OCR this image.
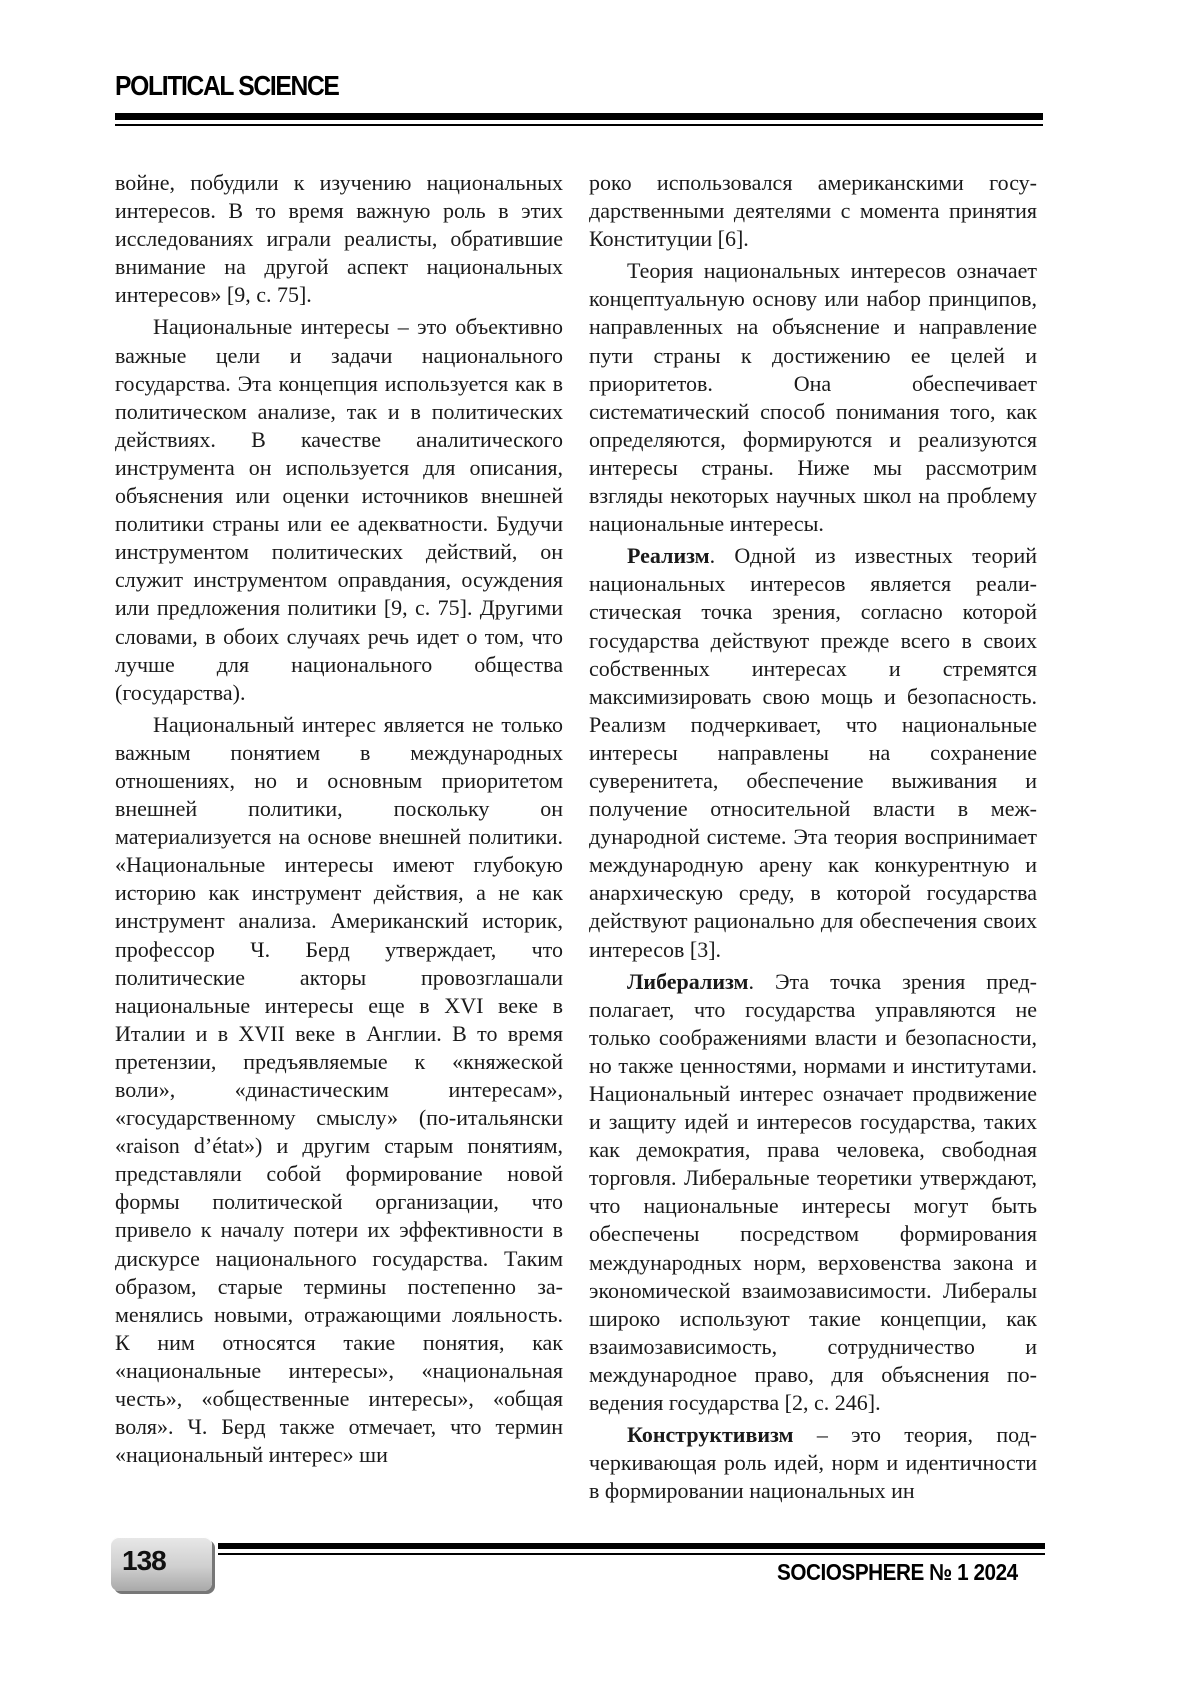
POLITICAL SCIENCE

войне, побудили к изучению национальных интересов. В то время важную роль в этих исследованиях играли реалисты, обратившие внимание на другой аспект национальных интересов» [9, с. 75].

Национальные интересы – это объективно важные цели и задачи национального государства. Эта концепция используется как в политическом анализе, так и в политических действиях. В качестве аналитического инструмента он используется для описания, объяснения или оценки источников внешней политики страны или ее адекватности. Будучи инструментом политических действий, он служит инструментом оправдания, осуждения или предложения политики [9, с. 75]. Другими словами, в обоих случаях речь идет о том, что лучше для национального общества (государства).

Национальный интерес является не только важным понятием в международных отношениях, но и основным приоритетом внешней политики, поскольку он материализуется на основе внешней политики. «Национальные интересы имеют глубокую историю как инструмент действия, а не как инструмент анализа. Американский историк, профессор Ч. Берд утверждает, что политические акторы провозглашали национальные интересы еще в XVI веке в Италии и в XVII веке в Англии. В то время претензии, предъявляемые к «княжеской воли», «династическим интересам», «государственному смыслу» (по-итальянски «raison d’état») и другим старым понятиям, представляли собой формирование новой формы политической организации, что привело к началу потери их эффективности в дискурсе национального государства. Таким образом, старые термины постепенно заменялись новыми, отражающими лояльность. К ним относятся такие понятия, как «национальные интересы», «национальная честь», «общественные интересы», «общая воля». Ч. Берд также отмечает, что термин «национальный интерес» ши

роко использовался американскими государственными деятелями с момента принятия Конституции [6].

Теория национальных интересов означает концептуальную основу или набор принципов, направленных на объяснение и направление пути страны к достижению ее целей и приоритетов. Она обеспечивает систематический способ понимания того, как определяются, формируются и реализуются интересы страны. Ниже мы рассмотрим взгляды некоторых научных школ на проблему национальные интересы.

Реализм. Одной из известных теорий национальных интересов является реалистическая точка зрения, согласно которой государства действуют прежде всего в своих собственных интересах и стремятся максимизировать свою мощь и безопасность. Реализм подчеркивает, что национальные интересы направлены на сохранение суверенитета, обеспечение выживания и получение относительной власти в международной системе. Эта теория воспринимает международную арену как конкурентную и анархическую среду, в которой государства действуют рационально для обеспечения своих интересов [3].

Либерализм. Эта точка зрения предполагает, что государства управляются не только соображениями власти и безопасности, но также ценностями, нормами и институтами. Национальный интерес означает продвижение и защиту идей и интересов государства, таких как демократия, права человека, свободная торговля. Либеральные теоретики утверждают, что национальные интересы могут быть обеспечены посредством формирования международных норм, верховенства закона и экономической взаимозависимости. Либералы широко используют такие концепции, как взаимозависимость, сотрудничество и международное право, для объяснения поведения государства [2, с. 246].

Конструктивизм – это теория, подчеркивающая роль идей, норм и идентичности в формировании национальных ин

138	SOCIOSPHERE № 1 2024
